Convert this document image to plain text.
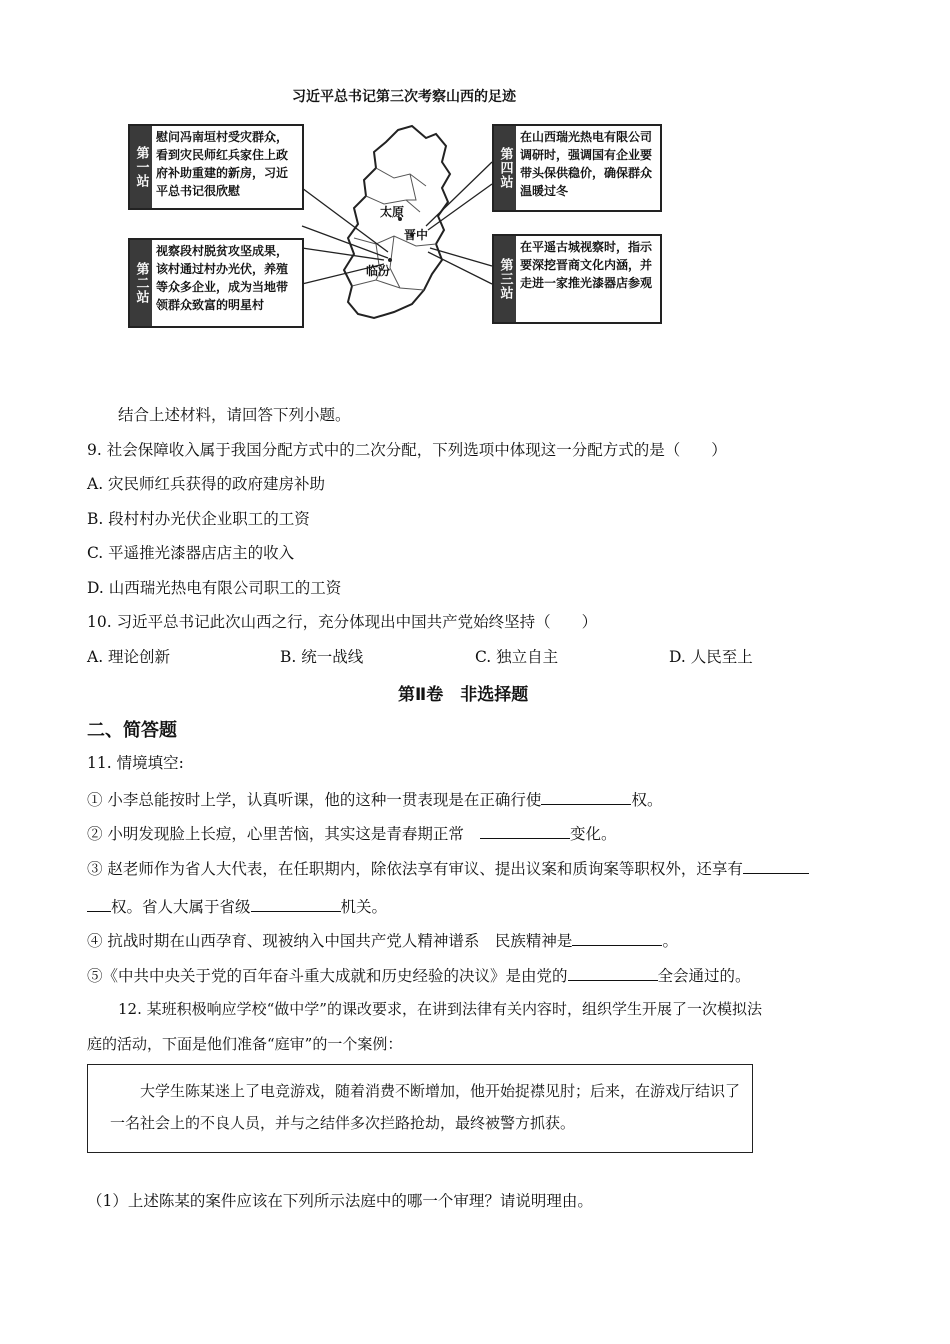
习近平总书记第三次考察山西的足迹
太原
晋中
临汾
第一站
慰问冯南垣村受灾群众，看到灾民师红兵家住上政府补助重建的新房，习近平总书记很欣慰
第二站
视察段村脱贫攻坚成果，该村通过村办光伏，养殖等众多企业，成为当地带领群众致富的明星村
第四站
在山西瑞光热电有限公司调研时，强调国有企业要带头保供稳价，确保群众温暖过冬
第三站
在平遥古城视察时，指示要深挖晋商文化内涵，并走进一家推光漆器店参观
结合上述材料，请回答下列小题。
9. 社会保障收入属于我国分配方式中的二次分配，下列选项中体现这一分配方式的是（　　）
A. 灾民师红兵获得的政府建房补助
B. 段村村办光伏企业职工的工资
C. 平遥推光漆器店店主的收入
D. 山西瑞光热电有限公司职工的工资
10. 习近平总书记此次山西之行，充分体现出中国共产党始终坚持（　　）
A. 理论创新	B. 统一战线	C. 独立自主	D. 人民至上
第Ⅱ卷　非选择题
二、简答题
11. 情境填空:
① 小李总能按时上学，认真听课，他的这种一贯表现是在正确行使	权。
② 小明发现脸上长痘，心里苦恼，其实这是青春期正常	变化。
③ 赵老师作为省人大代表，在任职期内，除依法享有审议、提出议案和质询案等职权外，还享有
权。省人大属于省级	机关。
④ 抗战时期在山西孕育、现被纳入中国共产党人精神谱系　民族精神是	。
⑤《中共中央关于党的百年奋斗重大成就和历史经验的决议》是由党的	全会通过的。
12. 某班积极响应学校“做中学”的课改要求，在讲到法律有关内容时，组织学生开展了一次模拟法
庭的活动，下面是他们准备“庭审”的一个案例：
大学生陈某迷上了电竞游戏，随着消费不断增加，他开始捉襟见肘；后来，在游戏厅结识了一名社会上的不良人员，并与之结伴多次拦路抢劫，最终被警方抓获。
（1）上述陈某的案件应该在下列所示法庭中的哪一个审理？请说明理由。
